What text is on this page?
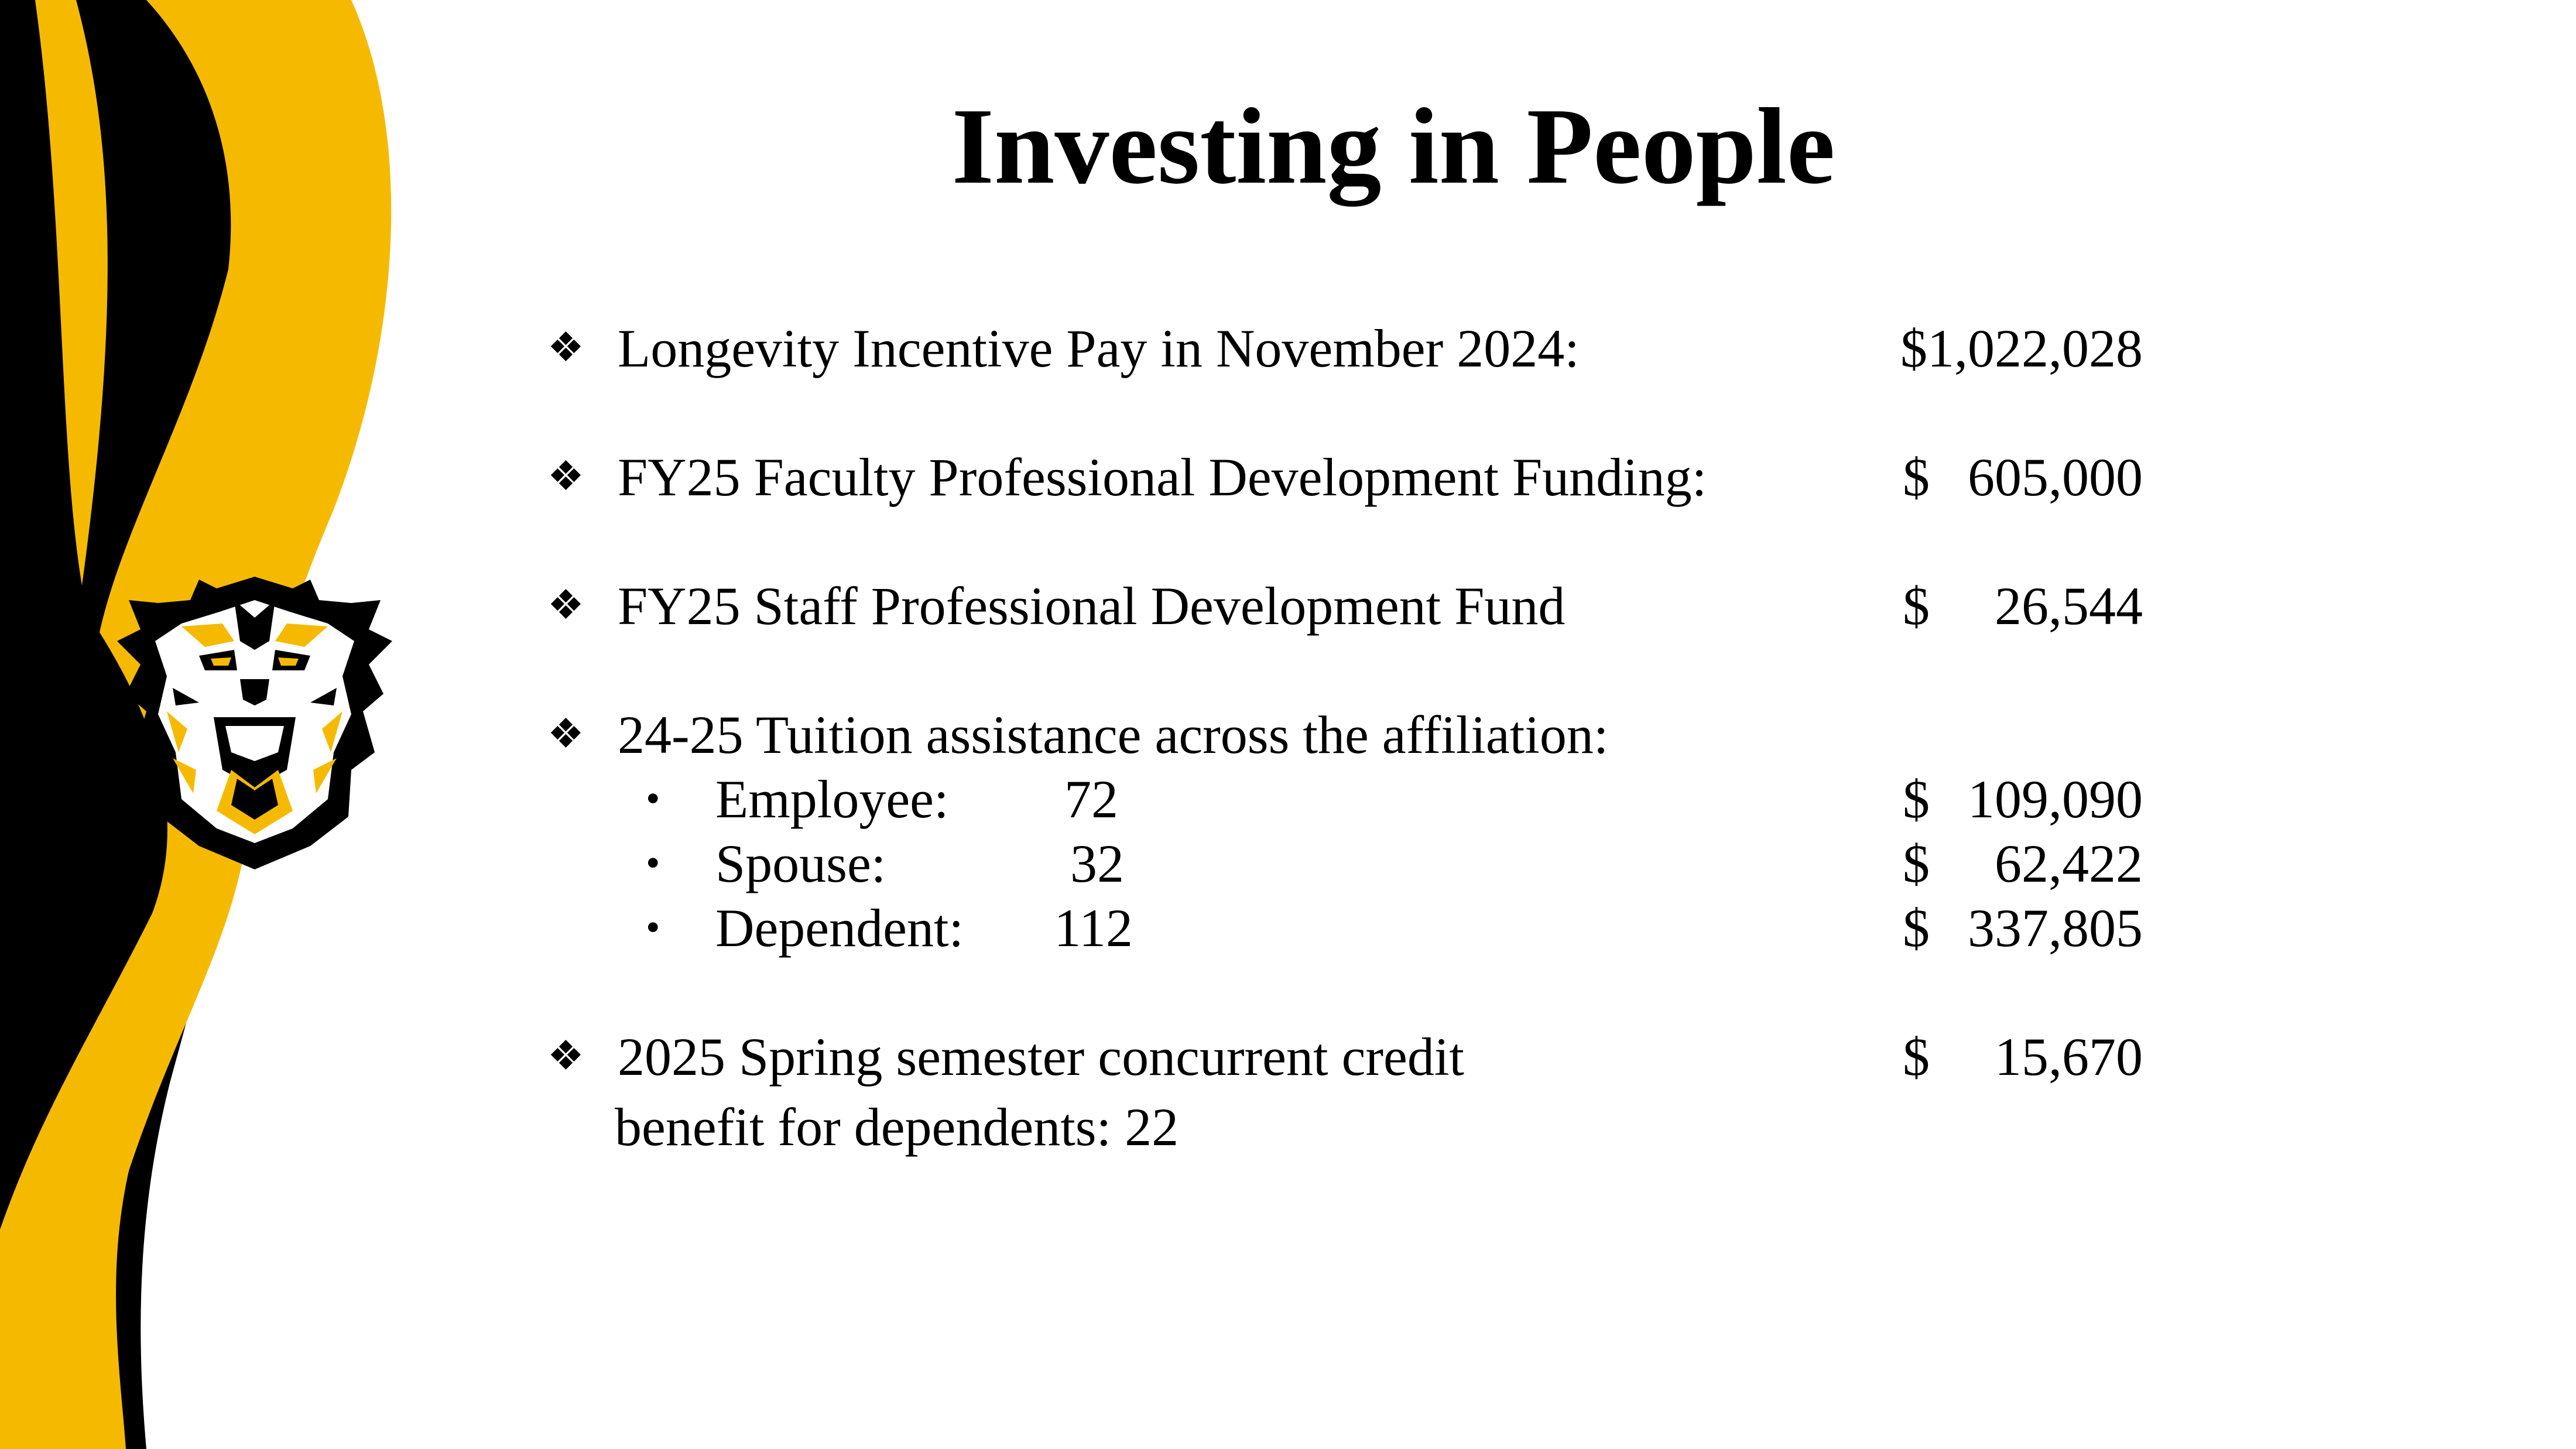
Investing in People
❖ Longevity Incentive Pay in November 2024:	$1,022,028
❖ FY25 Faculty Professional Development Funding:	$ 605,000
❖ FY25 Staff Professional Development Fund	$ 26,544
❖ 24-25 Tuition assistance across the affiliation:
• Employee: 72	$ 109,090
• Spouse:	32	$ 62,422
• Dependent: 112	$ 337,805
❖ 2025 Spring semester concurrent credit	$ 15,670
benefit for dependents: 22
